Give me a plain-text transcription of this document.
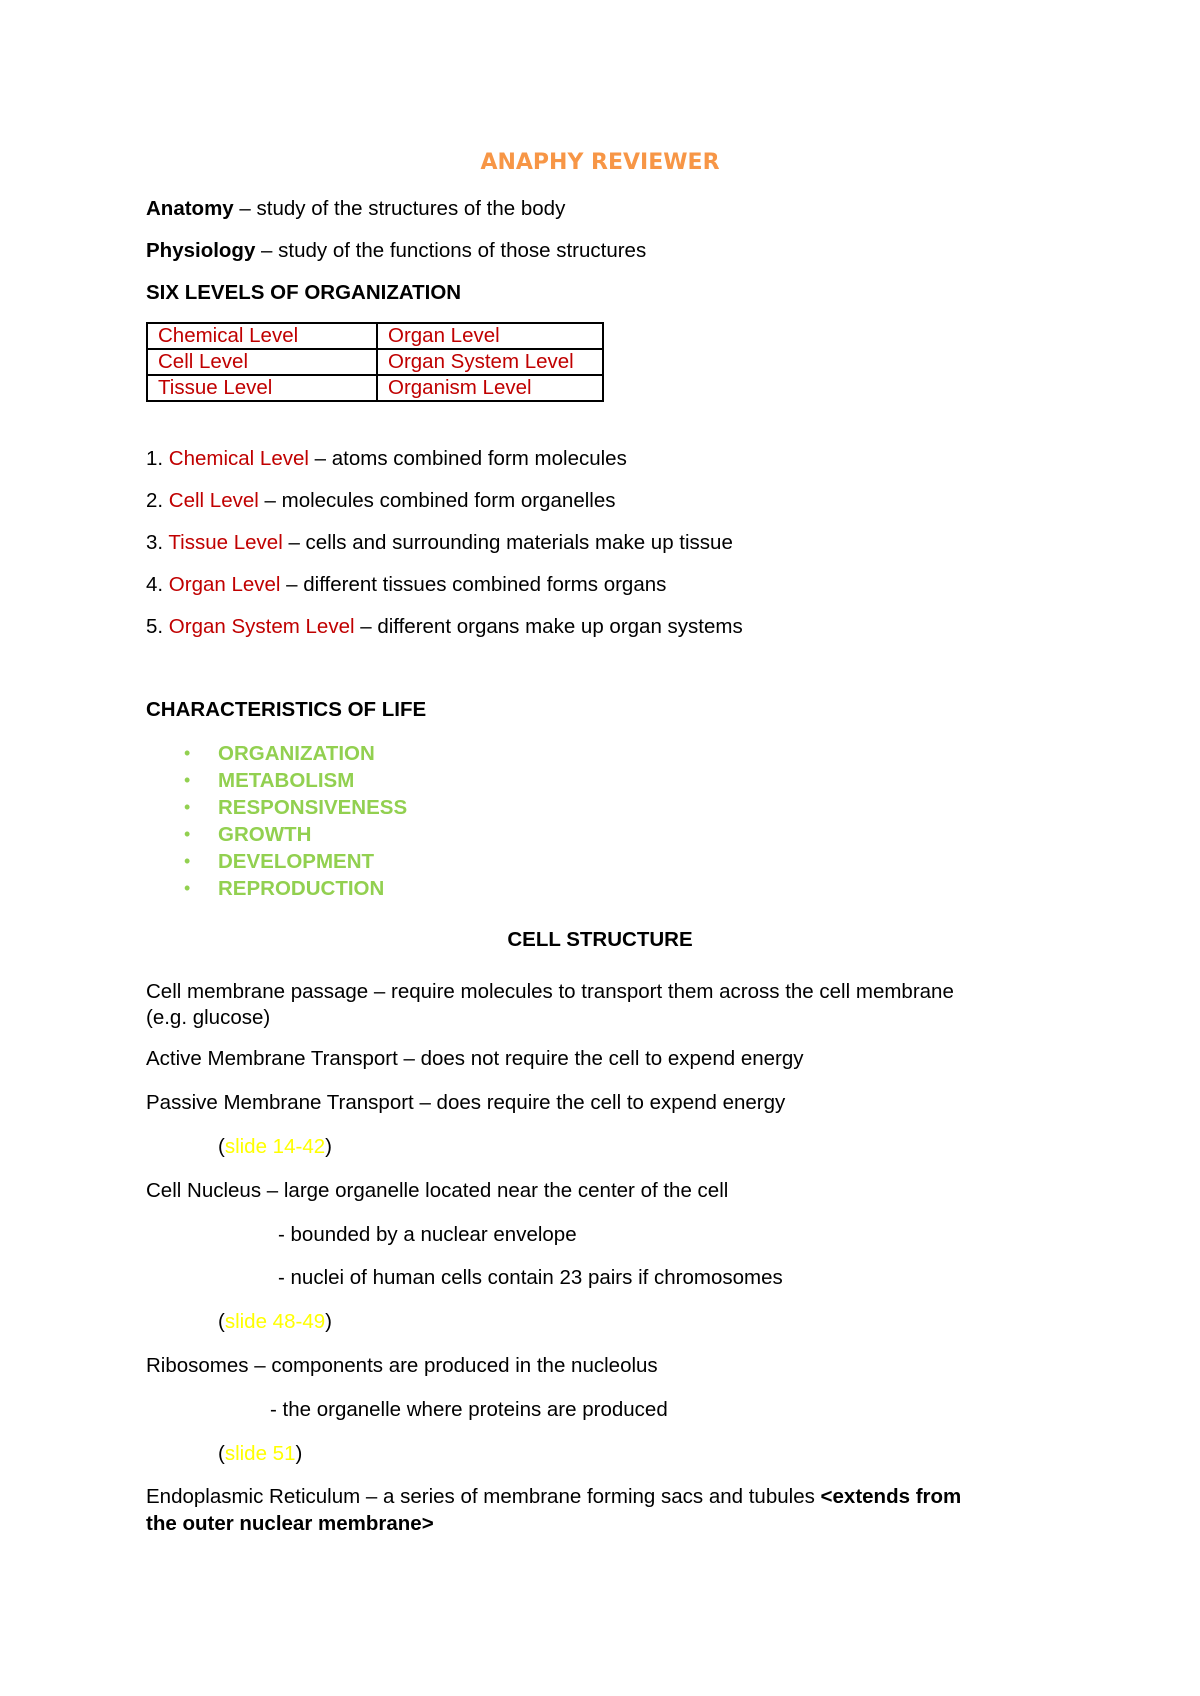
ANAPHY REVIEWER
Anatomy – study of the structures of the body
Physiology – study of the functions of those structures
SIX LEVELS OF ORGANIZATION
Chemical Level	Organ Level
Cell Level	Organ System Level
Tissue Level	Organism Level
1. Chemical Level – atoms combined form molecules
2. Cell Level – molecules combined form organelles
3. Tissue Level – cells and surrounding materials make up tissue
4. Organ Level – different tissues combined forms organs
5. Organ System Level – different organs make up organ systems
CHARACTERISTICS OF LIFE
• ORGANIZATION
• METABOLISM
• RESPONSIVENESS
• GROWTH
• DEVELOPMENT
• REPRODUCTION
CELL STRUCTURE
Cell membrane passage – require molecules to transport them across the cell membrane
(e.g. glucose)
Active Membrane Transport – does not require the cell to expend energy
Passive Membrane Transport – does require the cell to expend energy
(slide 14-42)
Cell Nucleus – large organelle located near the center of the cell
- bounded by a nuclear envelope
- nuclei of human cells contain 23 pairs if chromosomes
(slide 48-49)
Ribosomes – components are produced in the nucleolus
- the organelle where proteins are produced
(slide 51)
Endoplasmic Reticulum – a series of membrane forming sacs and tubules <extends from
the outer nuclear membrane>
